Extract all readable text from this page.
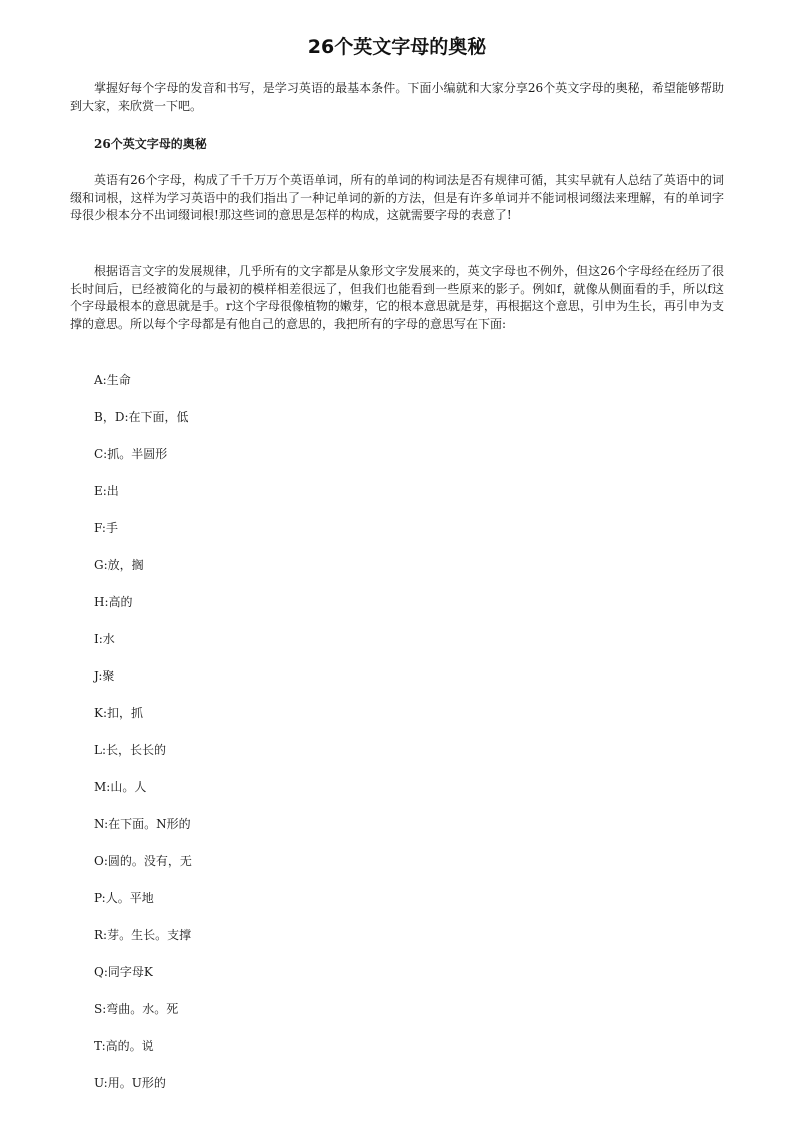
26个英文字母的奥秘

掌握好每个字母的发音和书写，是学习英语的最基本条件。下面小编就和大家分享26个英文字母的奥秘，希望能够帮助到大家，来欣赏一下吧。

26个英文字母的奥秘

英语有26个字母，构成了千千万万个英语单词，所有的单词的构词法是否有规律可循，其实早就有人总结了英语中的词缀和词根，这样为学习英语中的我们指出了一种记单词的新的方法，但是有许多单词并不能词根词缀法来理解，有的单词字母很少根本分不出词缀词根!那这些词的意思是怎样的构成，这就需要字母的表意了!

根据语言文字的发展规律，几乎所有的文字都是从象形文字发展来的，英文字母也不例外，但这26个字母经在经历了很长时间后，已经被简化的与最初的模样相差很远了，但我们也能看到一些原来的影子。例如f，就像从侧面看的手，所以f这个字母最根本的意思就是手。r这个字母很像植物的嫩芽，它的根本意思就是芽，再根据这个意思，引申为生长，再引申为支撑的意思。所以每个字母都是有他自己的意思的，我把所有的字母的意思写在下面:

A:生命
B，D:在下面，低
C:抓。半圆形
E:出
F:手
G:放，搁
H:高的
I:水
J:聚
K:扣，抓
L:长，长长的
M:山。人
N:在下面。N形的
O:圆的。没有，无
P:人。平地
R:芽。生长。支撑
Q:同字母K
S:弯曲。水。死
T:高的。说
U:用。U形的
